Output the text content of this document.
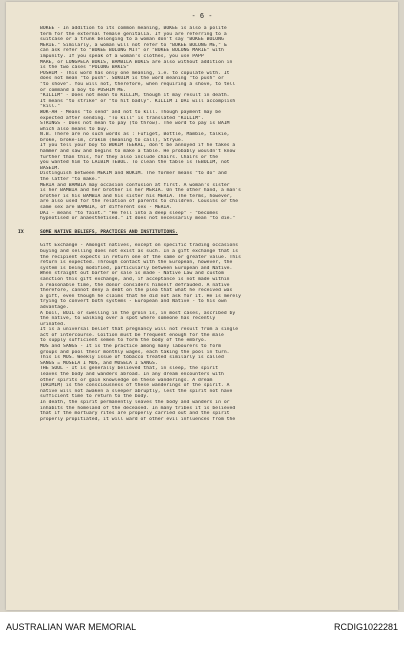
- 6 -
BOKEE - In addition to its common meaning, BOKEE is also a polite
term for the external female genitalia. If you are referring to a
suitcase or a trunk belonging to a woman don't say "BOKEE BOLONG
MERIE." Similarly, a woman will not refer to "BOKEE BOLONG ME," &
can ask refer to "BOKEE BOLONG MIT" or "BOKEE BOLONG MARIE" with
impunity. If you speak of a woman's clothes, you use PAPP
MARE, or LONGPELA BOKIS, BAMBILA BOKIS are also without addition in
is the two cases "POLONG BAKIS"
PUSHIM - This word has only one meaning, i.e. to copulate with. It
does not mean "to push". SUKUIM is the word meaning "to push" or
"to shove". You will not, therefore, when requiring a shove, to tell
or command a boy to PUSHIM ME.
"KILLIM" - Does not mean to KILLIM, though it may result in death.
It means "to strike" or "to hit badly". KILLIM I DAI will accomplish
"kill."
WOK-AH - Means "to send" and not to kill. Though payment may be
expected after sending. "To kill" is translated "KILLIM".
STRINGS - Does not mean to pay (to throw). The word to pay is BAIM
which also means to buy.
N.B. There are no such words as : Fufiget, Bottle, Mambie, talkie,
broke, broke-im, crakim (meaning to call), Stryue.
If you tell your boy to WOKIM TEEKAL, don't be annoyed if he takes a
hammer and saw and begins to make a table. He probably wouldn't know
further than this, for they also include chairs. Chairs or the
you wanted him to LAIBIM TEBOL. To clean the table is TEBOLIM, not
BASEIM.
Distinguish between MEKIM and WOKIM. The former means "to do" and
the latter "to make."
MERIA and BAMBIA may occasion confusion at first. A woman's sister
is her BAMBIA and her brother is her MERIA. On the other hand, a man's
brother is his BAMBIA and his sister his MERIA. The terms, however,
are also used for the relation of parents to children. Cousins or the
same sex are BAMBIA, of different sex - MERIA.
DAI - means "to faint." "He fell into a deep sleep" - "becomes
hypnotised or anaesthetised." It does not necessarily mean "to die."
IX	SOME NATIVE BELIEFS, PRACTICES AND INSTITUTIONS.
Gift Exchange - Amongst natives, except on specific trading occasions
buying and selling does not exist as such. In a gift exchange that is
the recipient expects in return one of the same or greater value. This
return is expected. Through contact with the European, however, the
system is being modified, particularly between European and Native.
When straight out barter or sale is made - Native Law and custom
sanction this gift exchange, and, if acceptance is not made within
a reasonable time, the donor considers himself defrauded. A native
therefore, cannot deny a debt on the plea that what he received was
a gift, even though he claims that he did not ask for it. He is merely
trying to convert both systems - European and Native - to his own
advantage.
A boil, BOIL or swelling in the groin is, in most cases, ascribed by
the native, to walking over a spot where someone has recently
urinated.
It is a universal belief that pregnancy will not result from a single
act of intercourse. Coition must be frequent enough for the male
to supply sufficient semen to form the body of the embryo.
MOS and SANGS - It is the practice among many labourers to form
groups and pool their monthly wages, each taking the pool in turn.
This is MOS. Weekly issue of tobacco treated similarly is called
SANGS = MOSELA I MOS, and MOSELA I SANGS.
THE SOUL - It is generally believed that, in sleep, the spirit
leaves the body and wanders abroad. In any dream encounters with
other spirits or gain knowledge on these wanderings. A dream
(DRIMIM) is the consciousness of these wanderings of the spirit. A
native will not awaken a sleeper abruptly, lest the spirit not have
sufficient time to return to the body.
In death, the spirit permanently leaves the body and wanders in or
inhabits the homeland of the deceased. In many tribes it is believed
that if the mortuary rites are properly carried out and the spirit
properly propitiated, it will ward of other evil influences from the
AUSTRALIAN WAR MEMORIAL	RCDIG1022281
